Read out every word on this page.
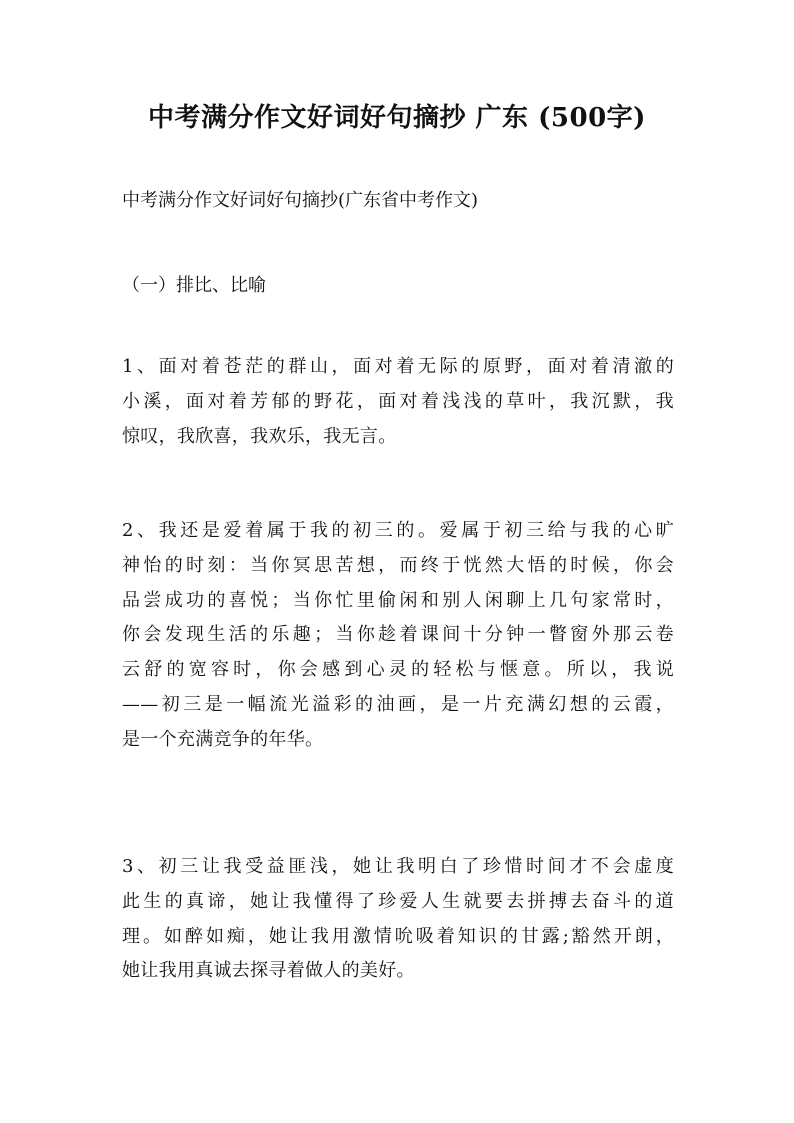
中考满分作文好词好句摘抄 广东 (500字)
中考满分作文好词好句摘抄(广东省中考作文)
（一）排比、比喻
1、面对着苍茫的群山，面对着无际的原野，面对着清澈的
小溪，面对着芳郁的野花，面对着浅浅的草叶，我沉默，我
惊叹，我欣喜，我欢乐，我无言。
2、我还是爱着属于我的初三的。爱属于初三给与我的心旷
神怡的时刻：当你冥思苦想，而终于恍然大悟的时候，你会
品尝成功的喜悦；当你忙里偷闲和别人闲聊上几句家常时，
你会发现生活的乐趣；当你趁着课间十分钟一瞥窗外那云卷
云舒的宽容时，你会感到心灵的轻松与惬意。所以，我说
——初三是一幅流光溢彩的油画，是一片充满幻想的云霞，
是一个充满竞争的年华。
3、初三让我受益匪浅，她让我明白了珍惜时间才不会虚度
此生的真谛，她让我懂得了珍爱人生就要去拼搏去奋斗的道
理。如醉如痴，她让我用激情吮吸着知识的甘露;豁然开朗，
她让我用真诚去探寻着做人的美好。
